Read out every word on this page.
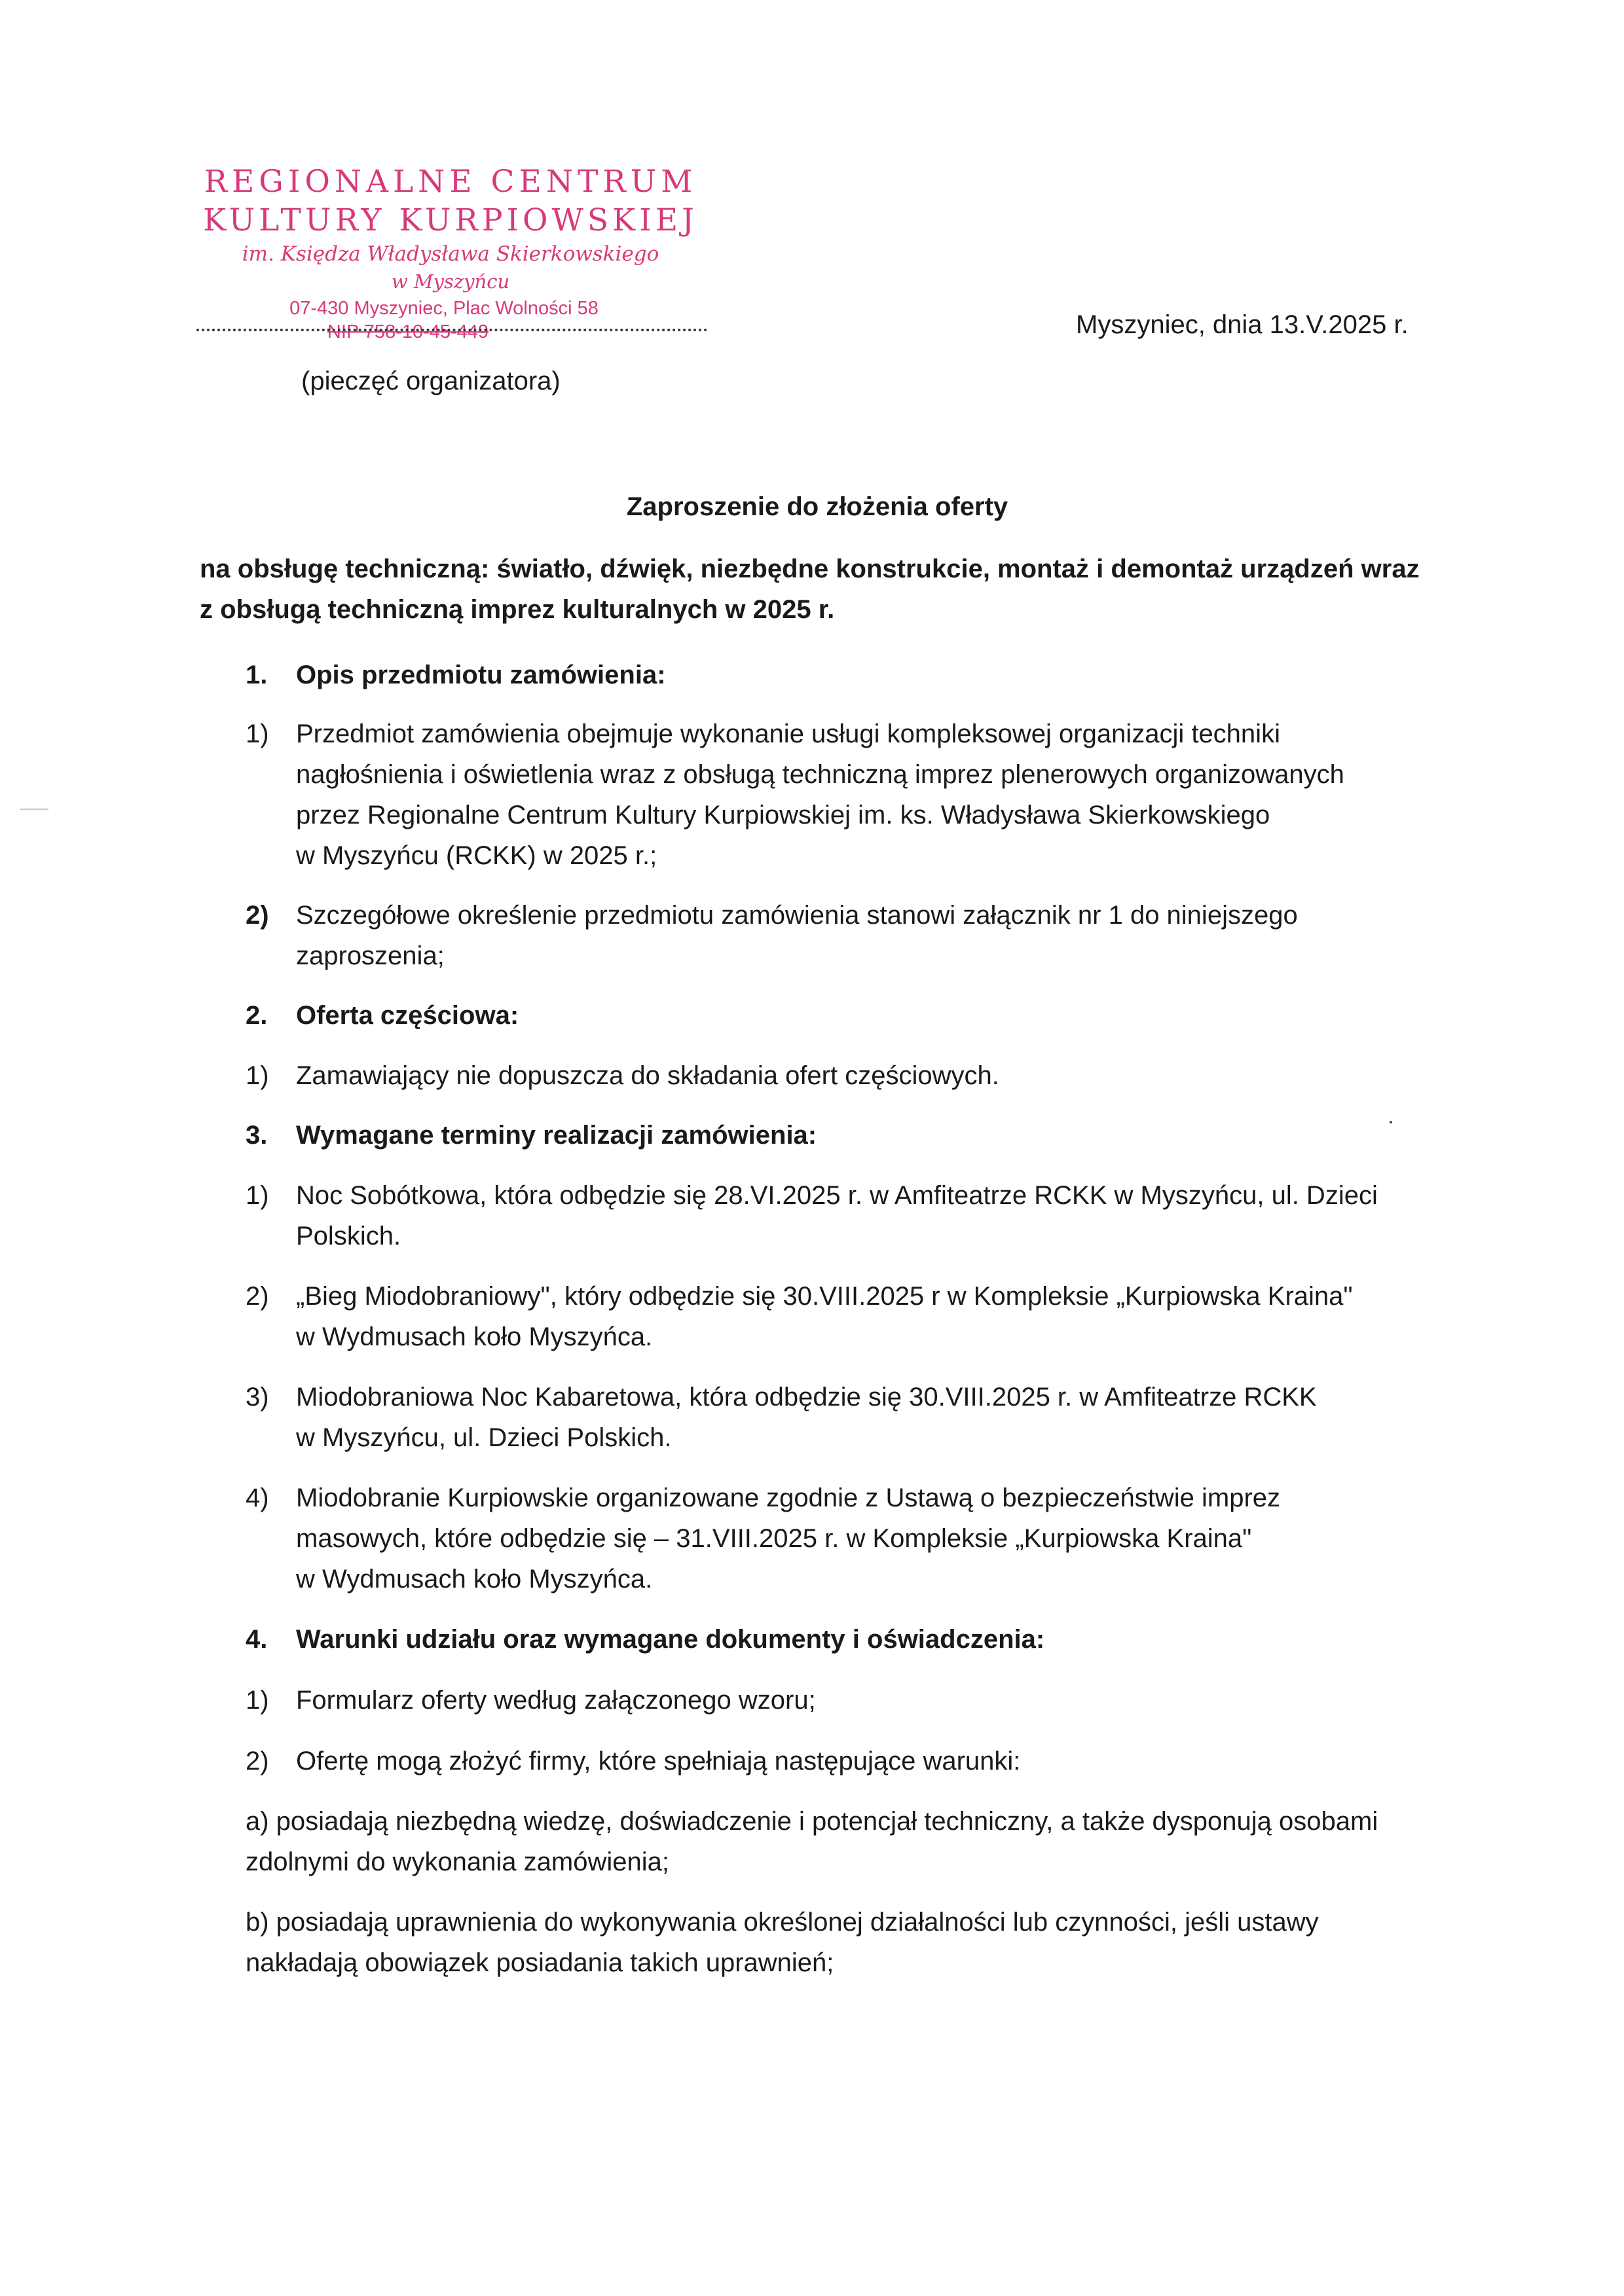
REGIONALNE CENTRUM
KULTURY KURPIOWSKIEJ
im. Księdza Władysława Skierkowskiego
w Myszyńcu
07-430 Myszyniec, Plac Wolności 58
NIP 758-10-45-449
(pieczęć organizatora)
Myszyniec, dnia 13.V.2025 r.
Zaproszenie do złożenia oferty
na obsługę techniczną: światło, dźwięk, niezbędne konstrukcie, montaż i demontaż urządzeń wraz
z obsługą techniczną imprez kulturalnych w 2025 r.
1. Opis przedmiotu zamówienia:
1) Przedmiot zamówienia obejmuje wykonanie usługi kompleksowej organizacji techniki
nagłośnienia i oświetlenia wraz z obsługą techniczną imprez plenerowych organizowanych
przez Regionalne Centrum Kultury Kurpiowskiej im. ks. Władysława Skierkowskiego
w Myszyńcu (RCKK) w 2025 r.;
2) Szczegółowe określenie przedmiotu zamówienia stanowi załącznik nr 1 do niniejszego
zaproszenia;
2. Oferta częściowa:
1) Zamawiający nie dopuszcza do składania ofert częściowych.
3. Wymagane terminy realizacji zamówienia:
1) Noc Sobótkowa, która odbędzie się 28.VI.2025 r. w Amfiteatrze RCKK w Myszyńcu, ul. Dzieci
Polskich.
2) „Bieg Miodobraniowy", który odbędzie się 30.VIII.2025 r w Kompleksie „Kurpiowska Kraina"
w Wydmusach koło Myszyńca.
3) Miodobraniowa Noc Kabaretowa, która odbędzie się 30.VIII.2025 r. w Amfiteatrze RCKK
w Myszyńcu, ul. Dzieci Polskich.
4) Miodobranie Kurpiowskie organizowane zgodnie z Ustawą o bezpieczeństwie imprez
masowych, które odbędzie się – 31.VIII.2025 r. w Kompleksie „Kurpiowska Kraina"
w Wydmusach koło Myszyńca.
4. Warunki udziału oraz wymagane dokumenty i oświadczenia:
1) Formularz oferty według załączonego wzoru;
2) Ofertę mogą złożyć firmy, które spełniają następujące warunki:
a) posiadają niezbędną wiedzę, doświadczenie i potencjał techniczny, a także dysponują osobami
zdolnymi do wykonania zamówienia;
b) posiadają uprawnienia do wykonywania określonej działalności lub czynności, jeśli ustawy
nakładają obowiązek posiadania takich uprawnień;
